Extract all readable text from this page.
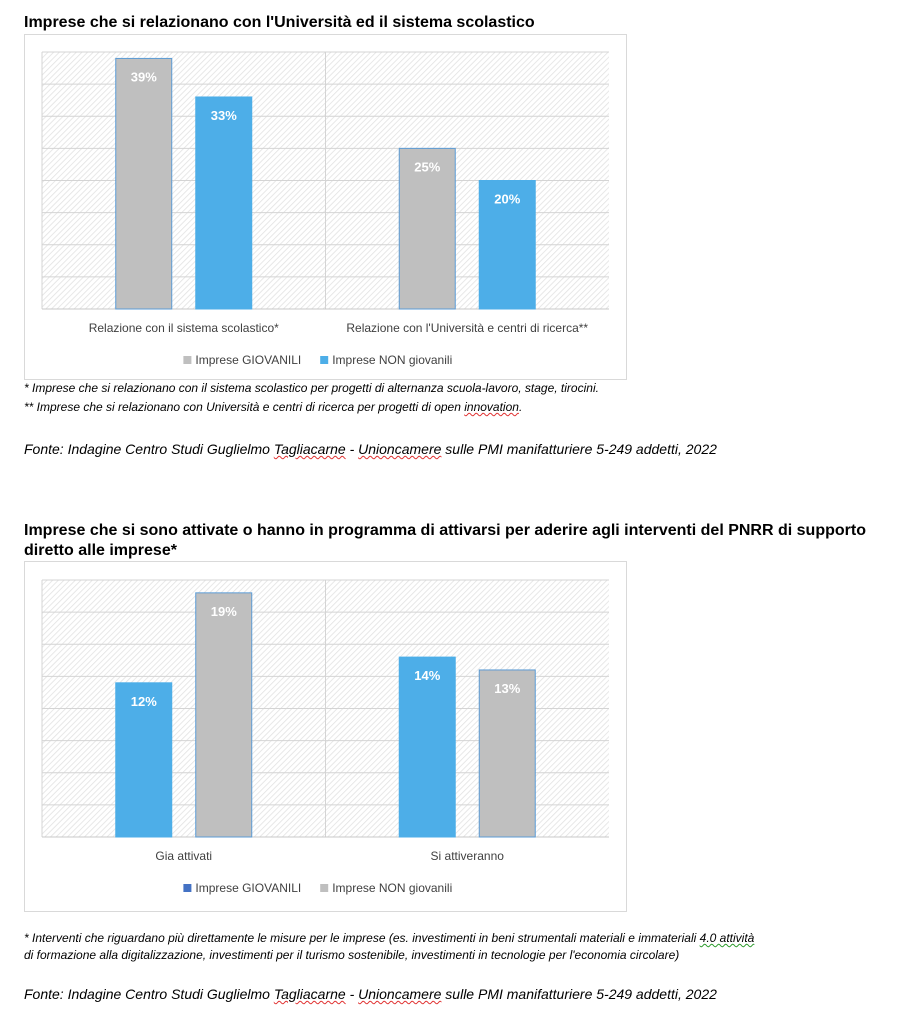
Imprese che si relazionano con l'Università ed il sistema scolastico
39%
33%
Relazione con il sistema scolastico*
25%
20%
Relazione con l'Università e centri di ricerca**
Imprese GIOVANILI	Imprese NON giovanili

* Imprese che si relazionano con il sistema scolastico per progetti di alternanza scuola-lavoro, stage, tirocini.

** Imprese che si relazionano con Università e centri di ricerca per progetti di open innovation.

Fonte: Indagine Centro Studi Guglielmo Tagliacarne - Unioncamere sulle PMI manifatturiere 5-249 addetti, 2022

Imprese che si sono attivate o hanno in programma di attivarsi per aderire agli interventi del PNRR di supporto diretto alle imprese*
12%
19%
Gia attivati
14%
13%
Si attiveranno
Imprese GIOVANILI	Imprese NON giovanili

* Interventi che riguardano più direttamente le misure per le imprese (es. investimenti in beni strumentali materiali e immateriali 4.0 attività
di formazione alla digitalizzazione, investimenti per il turismo sostenibile, investimenti in tecnologie per l'economia circolare)

Fonte: Indagine Centro Studi Guglielmo Tagliacarne - Unioncamere sulle PMI manifatturiere 5-249 addetti, 2022
